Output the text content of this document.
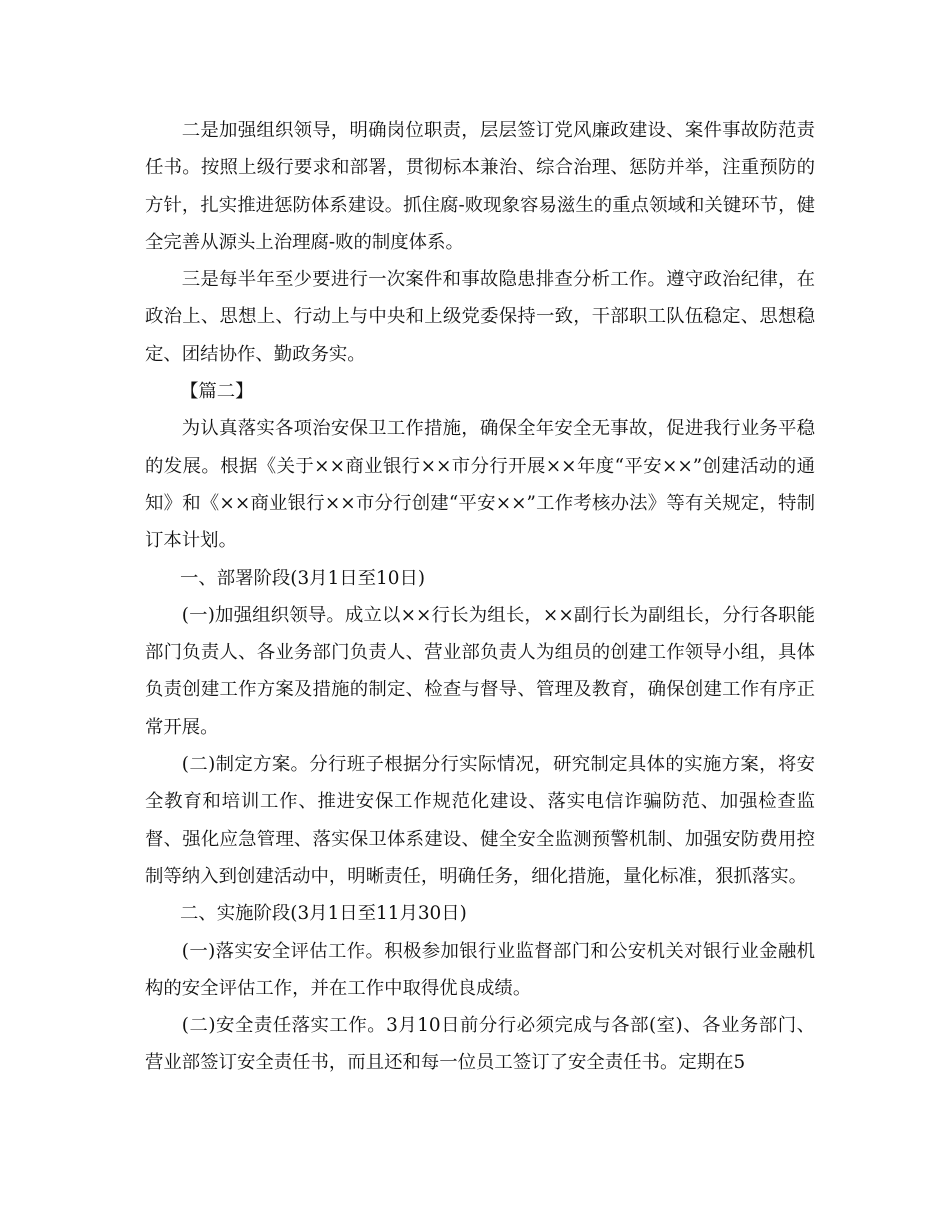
二是加强组织领导，明确岗位职责，层层签订党风廉政建设、案件事故防范责任书。按照上级行要求和部署，贯彻标本兼治、综合治理、惩防并举，注重预防的方针，扎实推进惩防体系建设。抓住腐-败现象容易滋生的重点领域和关键环节，健全完善从源头上治理腐-败的制度体系。

三是每半年至少要进行一次案件和事故隐患排查分析工作。遵守政治纪律，在政治上、思想上、行动上与中央和上级党委保持一致，干部职工队伍稳定、思想稳定、团结协作、勤政务实。

【篇二】

为认真落实各项治安保卫工作措施，确保全年安全无事故，促进我行业务平稳的发展。根据《关于××商业银行××市分行开展××年度“平安××”创建活动的通知》和《××商业银行××市分行创建“平安××”工作考核办法》等有关规定，特制订本计划。

一、部署阶段(3月1日至10日)

(一)加强组织领导。成立以××行长为组长，××副行长为副组长，分行各职能部门负责人、各业务部门负责人、营业部负责人为组员的创建工作领导小组，具体负责创建工作方案及措施的制定、检查与督导、管理及教育，确保创建工作有序正常开展。

(二)制定方案。分行班子根据分行实际情况，研究制定具体的实施方案，将安全教育和培训工作、推进安保工作规范化建设、落实电信诈骗防范、加强检查监督、强化应急管理、落实保卫体系建设、健全安全监测预警机制、加强安防费用控制等纳入到创建活动中，明晰责任，明确任务，细化措施，量化标准，狠抓落实。

二、实施阶段(3月1日至11月30日)

(一)落实安全评估工作。积极参加银行业监督部门和公安机关对银行业金融机构的安全评估工作，并在工作中取得优良成绩。

(二)安全责任落实工作。3月10日前分行必须完成与各部(室)、各业务部门、营业部签订安全责任书，而且还和每一位员工签订了安全责任书。定期在5
